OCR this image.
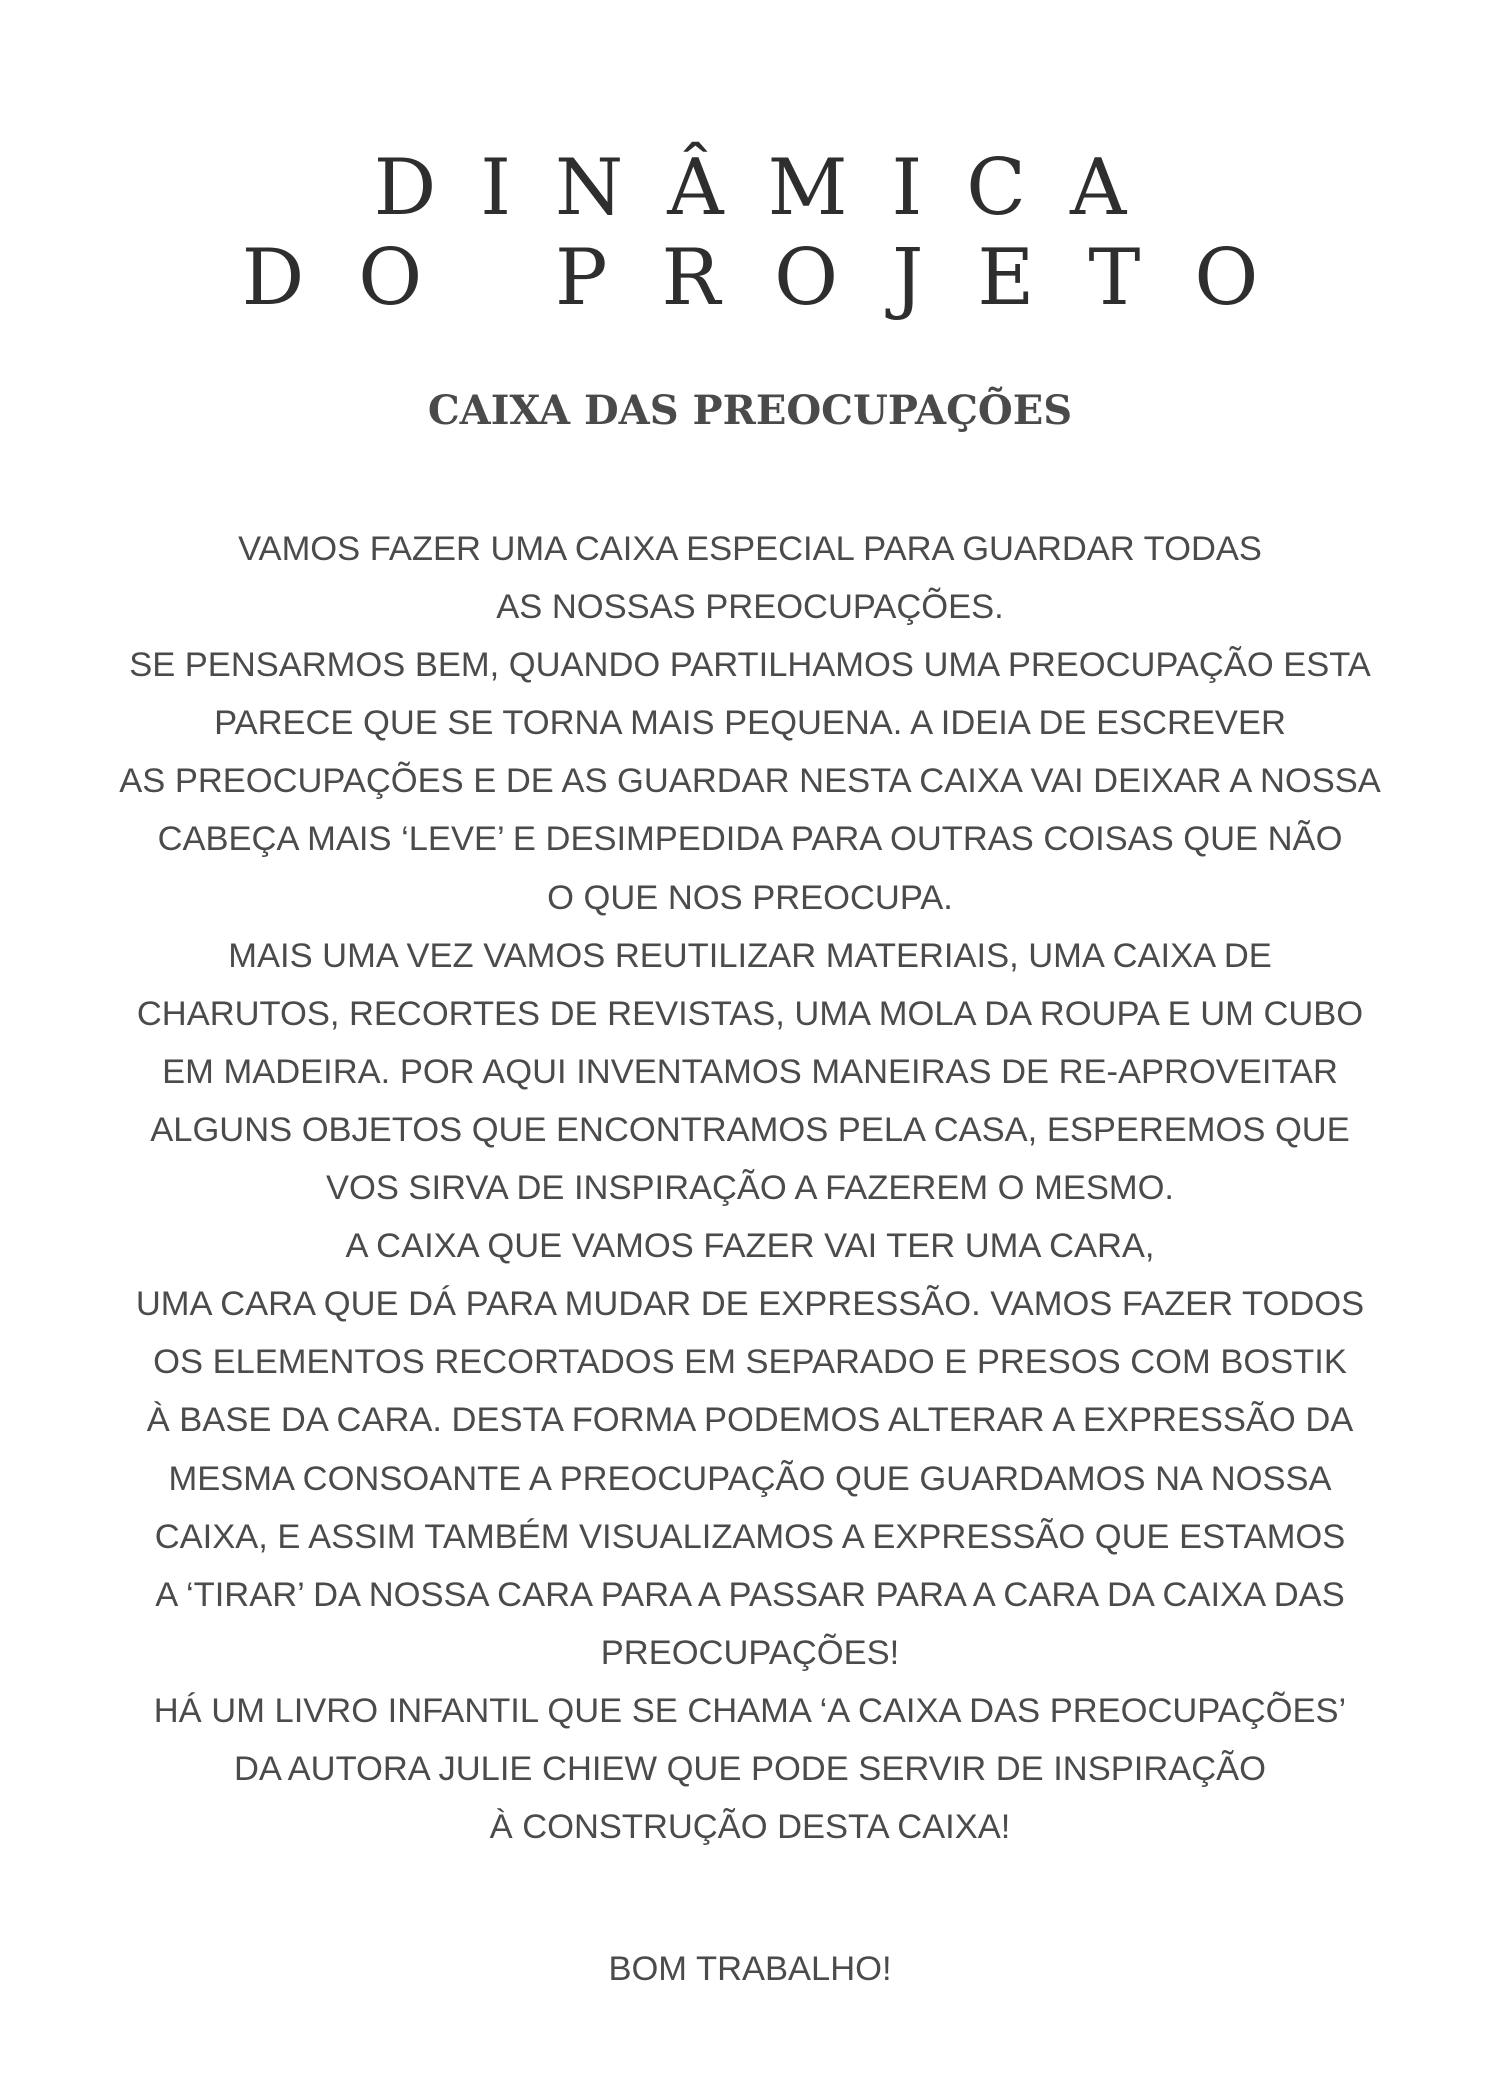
DINÂMICA
DO PROJETO
CAIXA DAS PREOCUPAÇÕES
VAMOS FAZER UMA CAIXA ESPECIAL PARA GUARDAR TODAS
AS NOSSAS PREOCUPAÇÕES.
SE PENSARMOS BEM, QUANDO PARTILHAMOS UMA PREOCUPAÇÃO ESTA
PARECE QUE SE TORNA MAIS PEQUENA. A IDEIA DE ESCREVER
AS PREOCUPAÇÕES E DE AS GUARDAR NESTA CAIXA VAI DEIXAR A NOSSA
CABEÇA MAIS ‘LEVE’ E DESIMPEDIDA PARA OUTRAS COISAS QUE NÃO
O QUE NOS PREOCUPA.
MAIS UMA VEZ VAMOS REUTILIZAR MATERIAIS, UMA CAIXA DE
CHARUTOS, RECORTES DE REVISTAS, UMA MOLA DA ROUPA E UM CUBO
EM MADEIRA. POR AQUI INVENTAMOS MANEIRAS DE RE-APROVEITAR
ALGUNS OBJETOS QUE ENCONTRAMOS PELA CASA, ESPEREMOS QUE
VOS SIRVA DE INSPIRAÇÃO A FAZEREM O MESMO.
A CAIXA QUE VAMOS FAZER VAI TER UMA CARA,
UMA CARA QUE DÁ PARA MUDAR DE EXPRESSÃO. VAMOS FAZER TODOS
OS ELEMENTOS RECORTADOS EM SEPARADO E PRESOS COM BOSTIK
À BASE DA CARA. DESTA FORMA PODEMOS ALTERAR A EXPRESSÃO DA
MESMA CONSOANTE A PREOCUPAÇÃO QUE GUARDAMOS NA NOSSA
CAIXA, E ASSIM TAMBÉM VISUALIZAMOS A EXPRESSÃO QUE ESTAMOS
A ‘TIRAR’ DA NOSSA CARA PARA A PASSAR PARA A CARA DA CAIXA DAS
PREOCUPAÇÕES!
HÁ UM LIVRO INFANTIL QUE SE CHAMA ‘A CAIXA DAS PREOCUPAÇÕES’
DA AUTORA JULIE CHIEW QUE PODE SERVIR DE INSPIRAÇÃO
À CONSTRUÇÃO DESTA CAIXA!

BOM TRABALHO!
